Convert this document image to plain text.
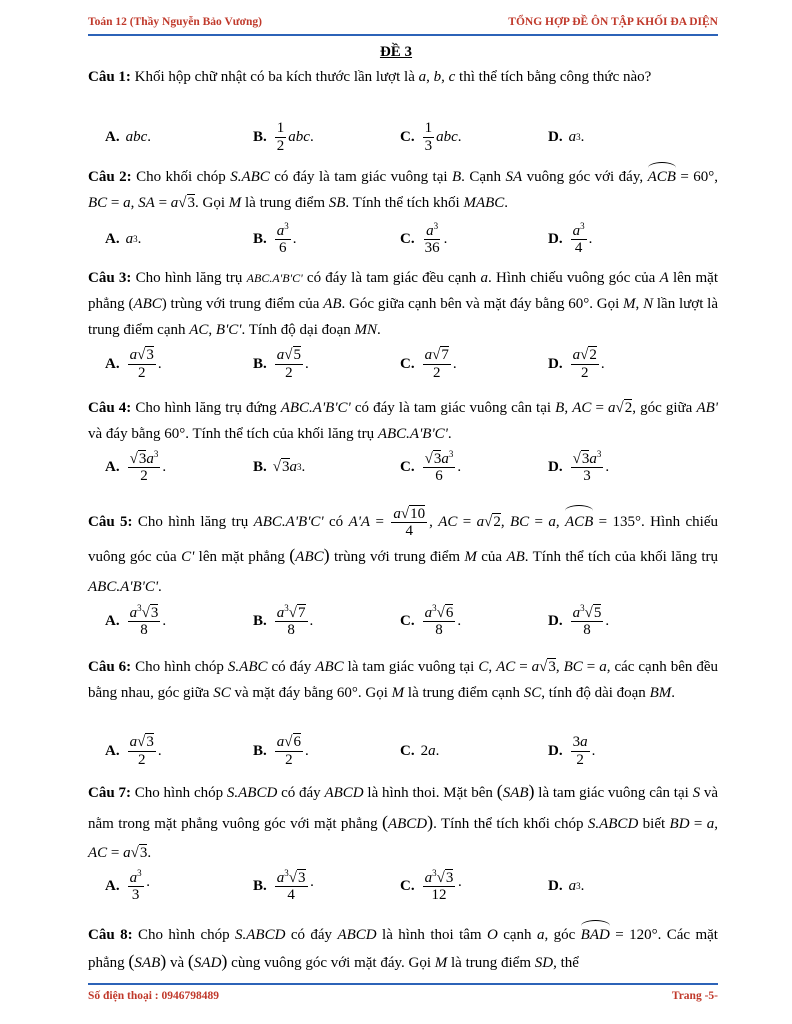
Toán 12 (Thầy Nguyễn Bảo Vương)	TỔNG HỢP ĐỀ ÔN TẬP KHỐI ĐA DIỆN
ĐỀ 3
Câu 1: Khối hộp chữ nhật có ba kích thước lần lượt là a, b, c thì thể tích bằng công thức nào?
A. abc .	B. $\frac{1}{2}$ abc .	C. $\frac{1}{3}$ abc .	D. a 3 .
Câu 2: Cho khối chóp S.ABC có đáy là tam giác vuông tại B. Cạnh SA vuông góc với đáy, ACB = 60°, BC = a, SA = a√3. Gọi M là trung điểm SB. Tính thể tích khối MABC.
A. a 3 .	B. $\frac{a^3}{6}$ .	C. $\frac{a^3}{36}$ .	D. $\frac{a^3}{4}$ .
Câu 3: Cho hình lăng trụ ABC.A'B'C' có đáy là tam giác đều cạnh a. Hình chiếu vuông góc của A lên mặt phẳng (ABC) trùng với trung điểm của AB. Góc giữa cạnh bên và mặt đáy bằng 60°. Gọi M, N lần lượt là trung điểm cạnh AC, B'C'. Tính độ dại đoạn MN.
A. $\frac{a√3}{2}$ .	B. $\frac{a√5}{2}$ .	C. $\frac{a√7}{2}$ .	D. $\frac{a√2}{2}$ .
Câu 4: Cho hình lăng trụ đứng ABC.A'B'C' có đáy là tam giác vuông cân tại B, AC = a√2, góc giữa AB' và đáy bằng 60°. Tính thể tích của khối lăng trụ ABC.A'B'C'.
A. $\frac{√3a^3}{2}$ .	B. √ 3 a 3 .	C. $\frac{√3a^3}{6}$ .	D. $\frac{√3a^3}{3}$ .
Câu 5: Cho hình lăng trụ ABC.A'B'C' có $A'A = \frac{a√10}{4}$ , AC = a√2, BC = a, ACB = 135°. Hình chiếu vuông góc của C' lên mặt phẳng (ABC) trùng với trung điểm M của AB. Tính thể tích của khối lăng trụ ABC.A'B'C'.
A. $\frac{a^3√3}{8}$ .	B. $\frac{a^3√7}{8}$ .	C. $\frac{a^3√6}{8}$ .	D. $\frac{a^3√5}{8}$ .
Câu 6: Cho hình chóp S.ABC có đáy ABC là tam giác vuông tại C, AC = a√3, BC = a, các cạnh bên đều bằng nhau, góc giữa SC và mặt đáy bằng 60°. Gọi M là trung điểm cạnh SC, tính độ dài đoạn BM.
A. $\frac{a√3}{2}$ .	B. $\frac{a√6}{2}$ .	C. 2 a .	D. $\frac{3a}{2}$ .
Câu 7: Cho hình chóp S.ABCD có đáy ABCD là hình thoi. Mặt bên (SAB) là tam giác vuông cân tại S và nằm trong mặt phẳng vuông góc với mặt phẳng (ABCD). Tính thể tích khối chóp S.ABCD biết BD = a, AC = a√3.
A. $\frac{a^3}{3}$ ·	B. $\frac{a^3√3}{4}$ ·	C. $\frac{a^3√3}{12}$ ·	D. a 3 .
Câu 8: Cho hình chóp S.ABCD có đáy ABCD là hình thoi tâm O cạnh a, góc BAD = 120°. Các mặt phẳng (SAB) và (SAD) cùng vuông góc với mặt đáy. Gọi M là trung điểm SD, thể
Số điện thoại : 0946798489	Trang -5-
